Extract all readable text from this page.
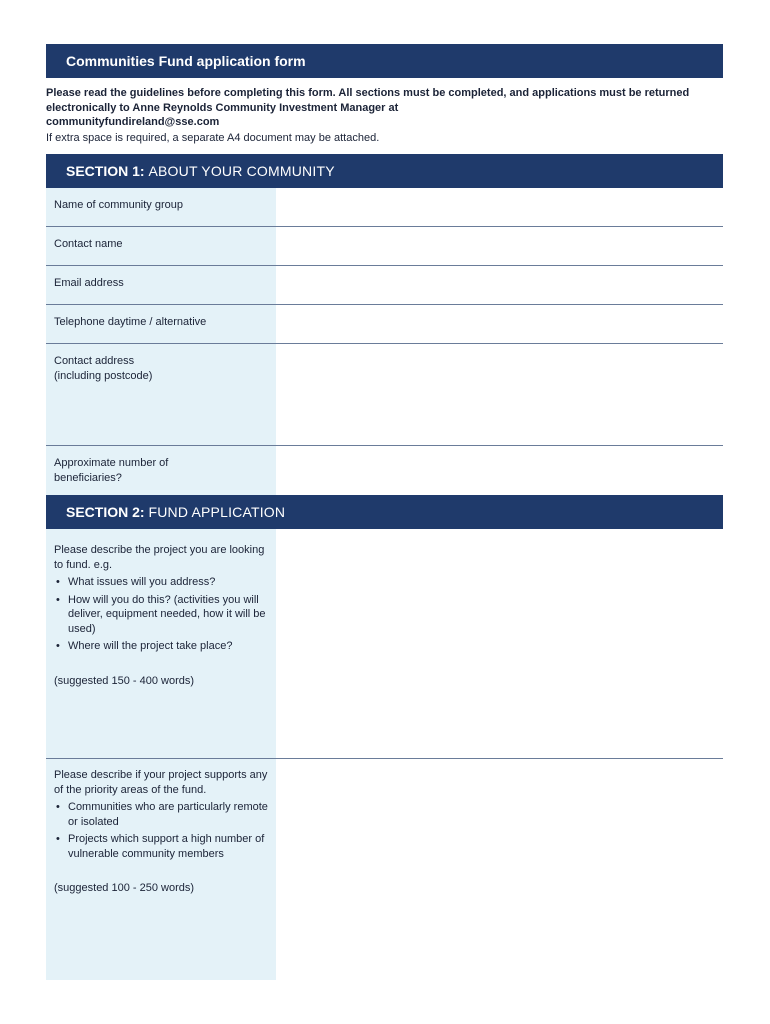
Communities Fund application form
Please read the guidelines before completing this form. All sections must be completed, and applications must be returned electronically to Anne Reynolds Community Investment Manager at
communityfundireland@sse.com
If extra space is required, a separate A4 document may be attached.
SECTION 1: ABOUT YOUR COMMUNITY
Name of community group
Contact name
Email address
Telephone daytime / alternative
Contact address
(including postcode)
Approximate number of
beneficiaries?
SECTION 2: FUND APPLICATION
Please describe the project you are looking to fund. e.g.
• What issues will you address?
• How will you do this? (activities you will deliver, equipment needed, how it will be used)
• Where will the project take place?
(suggested 150 - 400 words)
Please describe if your project supports any of the priority areas of the fund.
• Communities who are particularly remote or isolated
• Projects which support a high number of vulnerable community members
(suggested 100 - 250 words)
